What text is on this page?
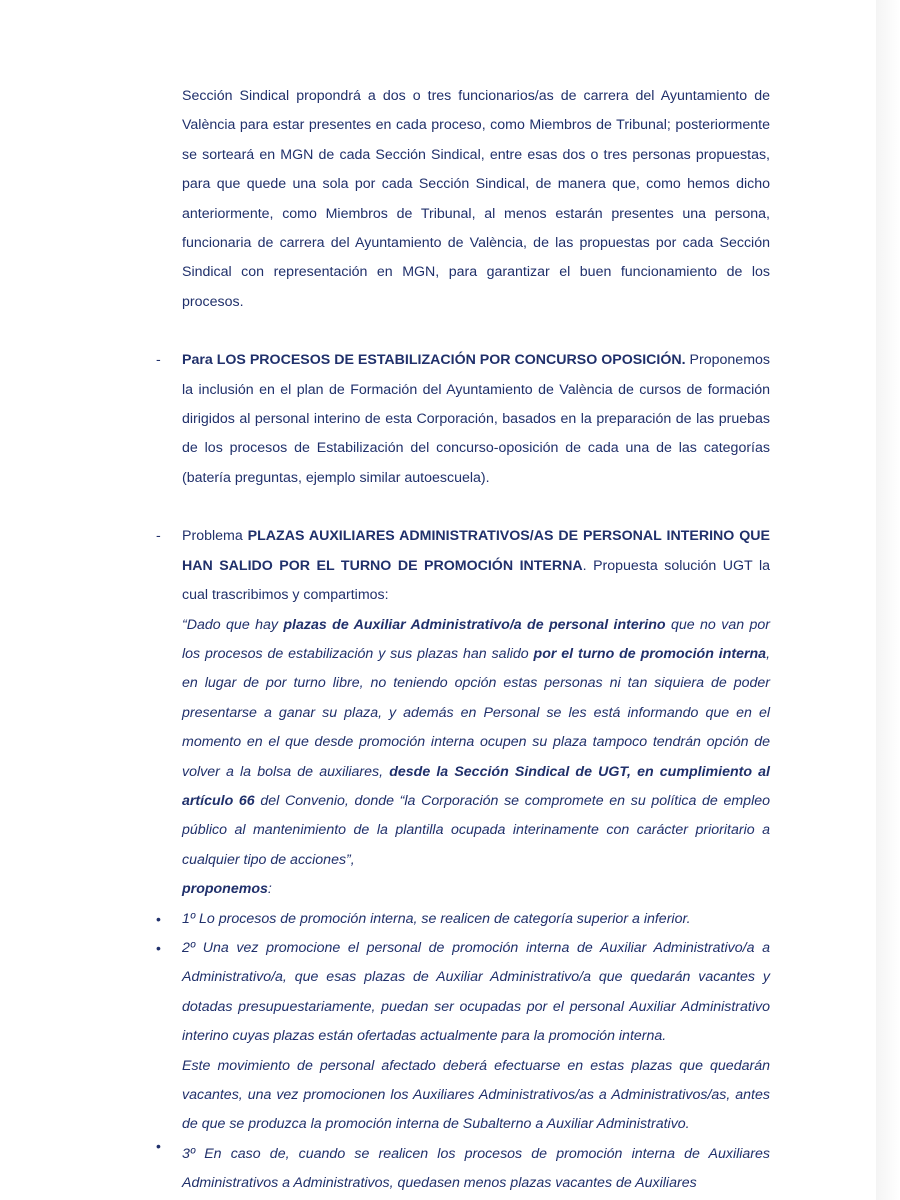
Sección Sindical propondrá a dos o tres funcionarios/as de carrera del Ayuntamiento de València para estar presentes en cada proceso, como Miembros de Tribunal; posteriormente se sorteará en MGN de cada Sección Sindical, entre esas dos o tres personas propuestas, para que quede una sola por cada Sección Sindical, de manera que, como hemos dicho anteriormente, como Miembros de Tribunal, al menos estarán presentes una persona, funcionaria de carrera del Ayuntamiento de València, de las propuestas por cada Sección Sindical con representación en MGN, para garantizar el buen funcionamiento de los procesos.

- Para LOS PROCESOS DE ESTABILIZACIÓN POR CONCURSO OPOSICIÓN. Proponemos la inclusión en el plan de Formación del Ayuntamiento de València de cursos de formación dirigidos al personal interino de esta Corporación, basados en la preparación de las pruebas de los procesos de Estabilización del concurso-oposición de cada una de las categorías (batería preguntas, ejemplo similar autoescuela).

- Problema PLAZAS AUXILIARES ADMINISTRATIVOS/AS DE PERSONAL INTERINO QUE HAN SALIDO POR EL TURNO DE PROMOCIÓN INTERNA. Propuesta solución UGT la cual trascribimos y compartimos:

“Dado que hay plazas de Auxiliar Administrativo/a de personal interino que no van por los procesos de estabilización y sus plazas han salido por el turno de promoción interna, en lugar de por turno libre, no teniendo opción estas personas ni tan siquiera de poder presentarse a ganar su plaza, y además en Personal se les está informando que en el momento en el que desde promoción interna ocupen su plaza tampoco tendrán opción de volver a la bolsa de auxiliares, desde la Sección Sindical de UGT, en cumplimiento al artículo 66 del Convenio, donde “la Corporación se compromete en su política de empleo público al mantenimiento de la plantilla ocupada interinamente con carácter prioritario a cualquier tipo de acciones”,
proponemos:

• 1º Lo procesos de promoción interna, se realicen de categoría superior a inferior.

• 2º Una vez promocione el personal de promoción interna de Auxiliar Administrativo/a a Administrativo/a, que esas plazas de Auxiliar Administrativo/a que quedarán vacantes y dotadas presupuestariamente, puedan ser ocupadas por el personal Auxiliar Administrativo interino cuyas plazas están ofertadas actualmente para la promoción interna.

Este movimiento de personal afectado deberá efectuarse en estas plazas que quedarán vacantes, una vez promocionen los Auxiliares Administrativos/as a Administrativos/as, antes de que se produzca la promoción interna de Subalterno a Auxiliar Administrativo.

• 3º En caso de, cuando se realicen los procesos de promoción interna de Auxiliares Administrativos a Administrativos, quedasen menos plazas vacantes de Auxiliares
